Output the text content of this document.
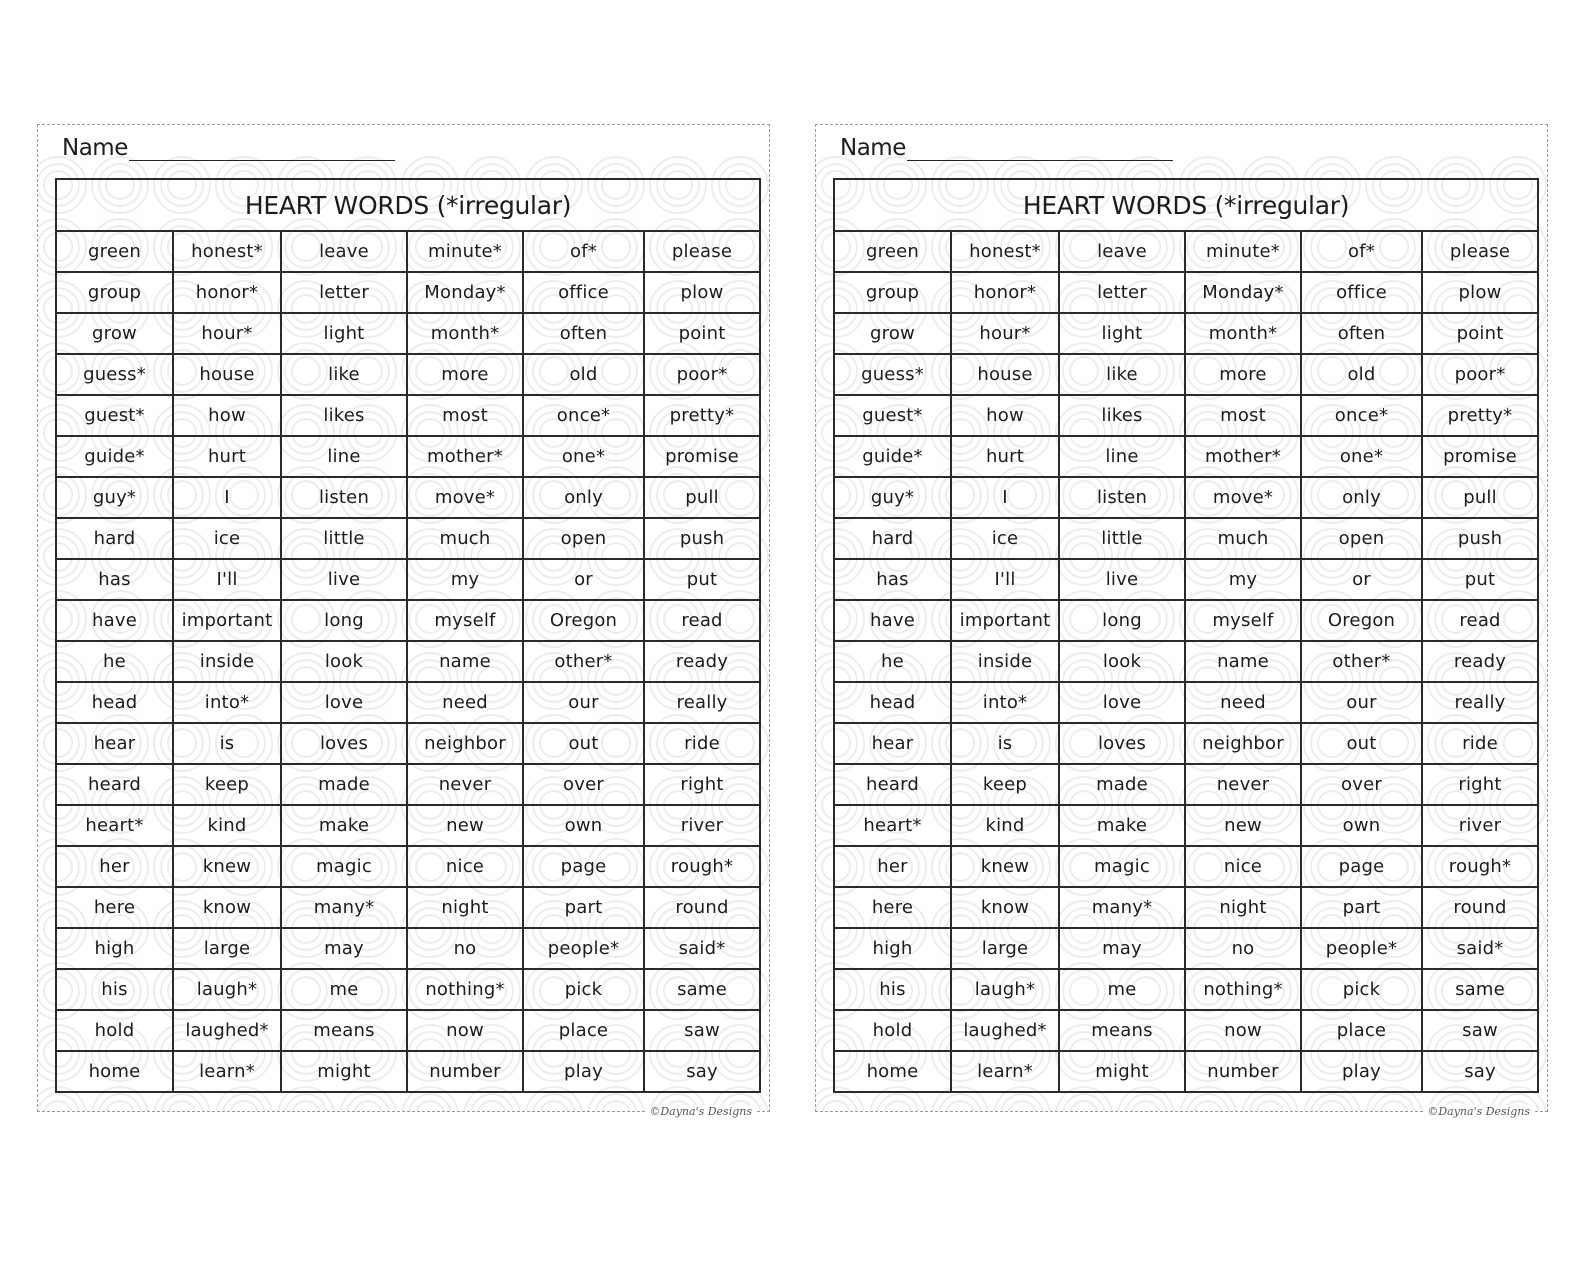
Name
HEART WORDS (*irregular)					
green	honest*	leave	minute*	of*	please
group	honor*	letter	Monday*	office	plow
grow	hour*	light	month*	often	point
guess*	house	like	more	old	poor*
guest*	how	likes	most	once*	pretty*
guide*	hurt	line	mother*	one*	promise
guy*	I	listen	move*	only	pull
hard	ice	little	much	open	push
has	I'll	live	my	or	put
have	important	long	myself	Oregon	read
he	inside	look	name	other*	ready
head	into*	love	need	our	really
hear	is	loves	neighbor	out	ride
heard	keep	made	never	over	right
heart*	kind	make	new	own	river
her	knew	magic	nice	page	rough*
here	know	many*	night	part	round
high	large	may	no	people*	said*
his	laugh*	me	nothing*	pick	same
hold	laughed*	means	now	place	saw
home	learn*	might	number	play	say
©Dayna's Designs
Name
HEART WORDS (*irregular)					
green	honest*	leave	minute*	of*	please
group	honor*	letter	Monday*	office	plow
grow	hour*	light	month*	often	point
guess*	house	like	more	old	poor*
guest*	how	likes	most	once*	pretty*
guide*	hurt	line	mother*	one*	promise
guy*	I	listen	move*	only	pull
hard	ice	little	much	open	push
has	I'll	live	my	or	put
have	important	long	myself	Oregon	read
he	inside	look	name	other*	ready
head	into*	love	need	our	really
hear	is	loves	neighbor	out	ride
heard	keep	made	never	over	right
heart*	kind	make	new	own	river
her	knew	magic	nice	page	rough*
here	know	many*	night	part	round
high	large	may	no	people*	said*
his	laugh*	me	nothing*	pick	same
hold	laughed*	means	now	place	saw
home	learn*	might	number	play	say
©Dayna's Designs
